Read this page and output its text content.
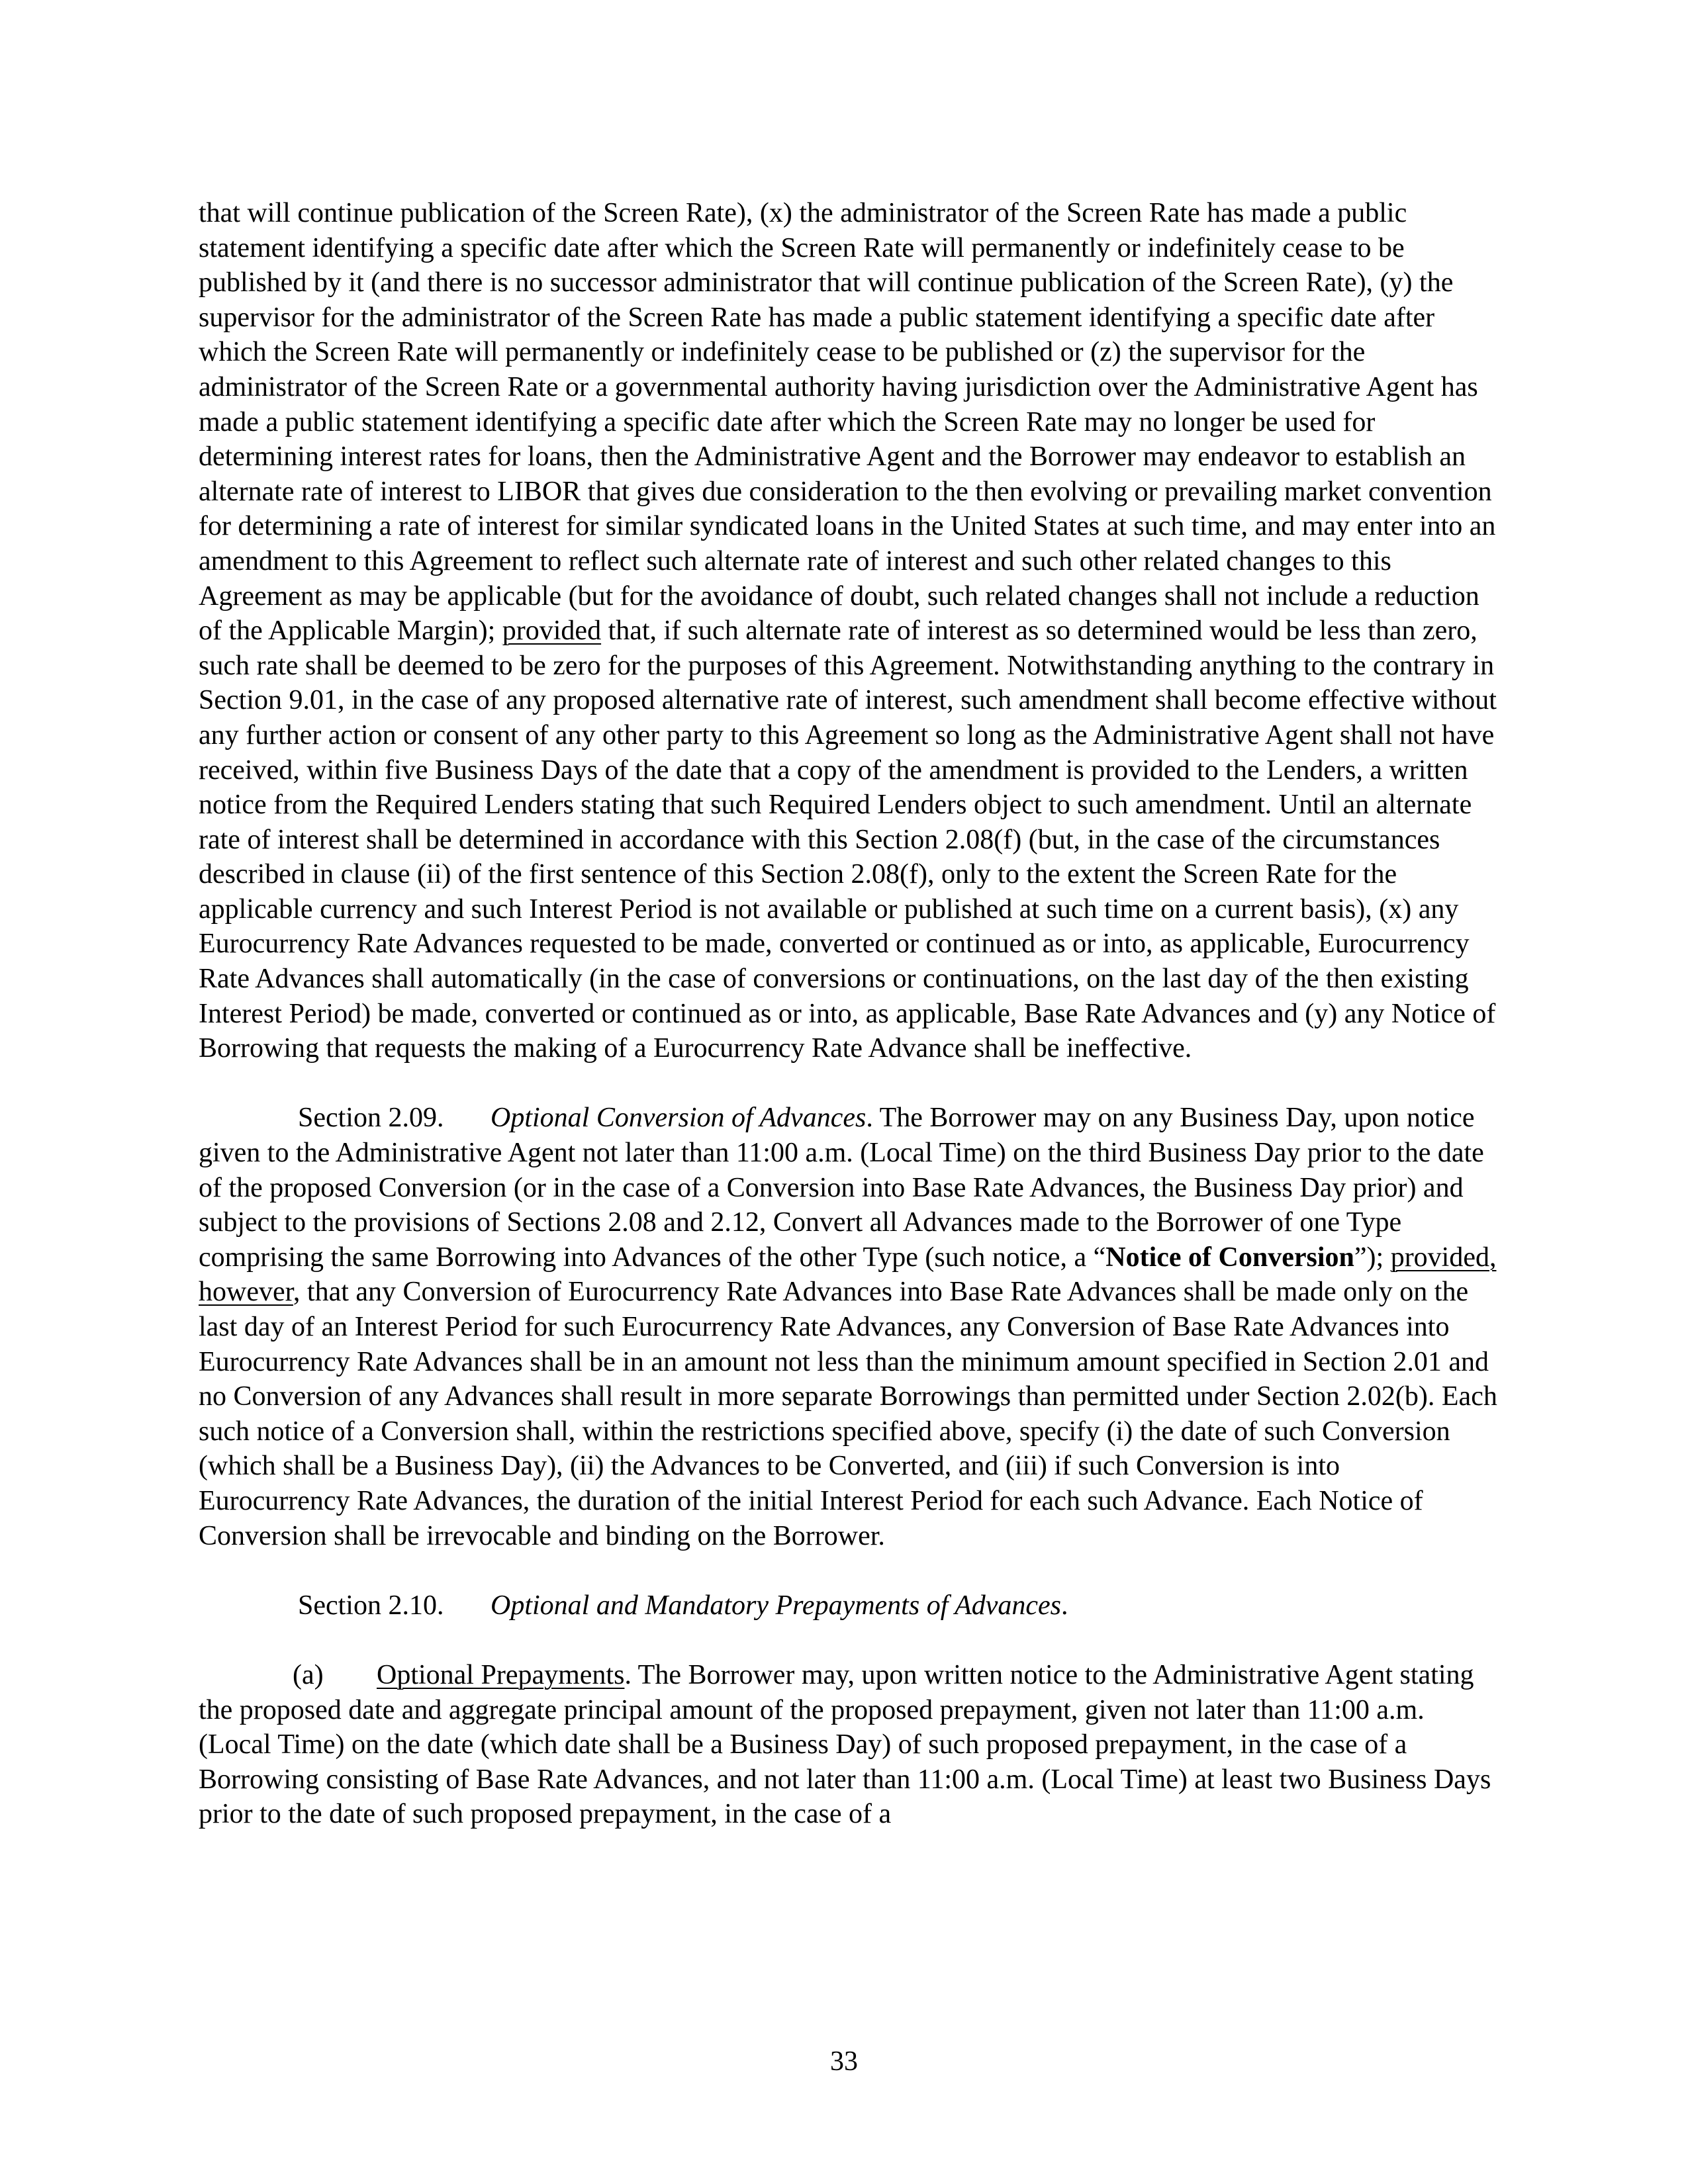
that will continue publication of the Screen Rate), (x) the administrator of the Screen Rate has made a public statement identifying a specific date after which the Screen Rate will permanently or indefinitely cease to be published by it (and there is no successor administrator that will continue publication of the Screen Rate), (y) the supervisor for the administrator of the Screen Rate has made a public statement identifying a specific date after which the Screen Rate will permanently or indefinitely cease to be published or (z) the supervisor for the administrator of the Screen Rate or a governmental authority having jurisdiction over the Administrative Agent has made a public statement identifying a specific date after which the Screen Rate may no longer be used for determining interest rates for loans, then the Administrative Agent and the Borrower may endeavor to establish an alternate rate of interest to LIBOR that gives due consideration to the then evolving or prevailing market convention for determining a rate of interest for similar syndicated loans in the United States at such time, and may enter into an amendment to this Agreement to reflect such alternate rate of interest and such other related changes to this Agreement as may be applicable (but for the avoidance of doubt, such related changes shall not include a reduction of the Applicable Margin); provided that, if such alternate rate of interest as so determined would be less than zero, such rate shall be deemed to be zero for the purposes of this Agreement. Notwithstanding anything to the contrary in Section 9.01, in the case of any proposed alternative rate of interest, such amendment shall become effective without any further action or consent of any other party to this Agreement so long as the Administrative Agent shall not have received, within five Business Days of the date that a copy of the amendment is provided to the Lenders, a written notice from the Required Lenders stating that such Required Lenders object to such amendment. Until an alternate rate of interest shall be determined in accordance with this Section 2.08(f) (but, in the case of the circumstances described in clause (ii) of the first sentence of this Section 2.08(f), only to the extent the Screen Rate for the applicable currency and such Interest Period is not available or published at such time on a current basis), (x) any Eurocurrency Rate Advances requested to be made, converted or continued as or into, as applicable, Eurocurrency Rate Advances shall automatically (in the case of conversions or continuations, on the last day of the then existing Interest Period) be made, converted or continued as or into, as applicable, Base Rate Advances and (y) any Notice of Borrowing that requests the making of a Eurocurrency Rate Advance shall be ineffective.

Section 2.09. Optional Conversion of Advances. The Borrower may on any Business Day, upon notice given to the Administrative Agent not later than 11:00 a.m. (Local Time) on the third Business Day prior to the date of the proposed Conversion (or in the case of a Conversion into Base Rate Advances, the Business Day prior) and subject to the provisions of Sections 2.08 and 2.12, Convert all Advances made to the Borrower of one Type comprising the same Borrowing into Advances of the other Type (such notice, a “Notice of Conversion”); provided, however, that any Conversion of Eurocurrency Rate Advances into Base Rate Advances shall be made only on the last day of an Interest Period for such Eurocurrency Rate Advances, any Conversion of Base Rate Advances into Eurocurrency Rate Advances shall be in an amount not less than the minimum amount specified in Section 2.01 and no Conversion of any Advances shall result in more separate Borrowings than permitted under Section 2.02(b). Each such notice of a Conversion shall, within the restrictions specified above, specify (i) the date of such Conversion (which shall be a Business Day), (ii) the Advances to be Converted, and (iii) if such Conversion is into Eurocurrency Rate Advances, the duration of the initial Interest Period for each such Advance. Each Notice of Conversion shall be irrevocable and binding on the Borrower.

Section 2.10. Optional and Mandatory Prepayments of Advances.

(a) Optional Prepayments. The Borrower may, upon written notice to the Administrative Agent stating the proposed date and aggregate principal amount of the proposed prepayment, given not later than 11:00 a.m. (Local Time) on the date (which date shall be a Business Day) of such proposed prepayment, in the case of a Borrowing consisting of Base Rate Advances, and not later than 11:00 a.m. (Local Time) at least two Business Days prior to the date of such proposed prepayment, in the case of a

33
